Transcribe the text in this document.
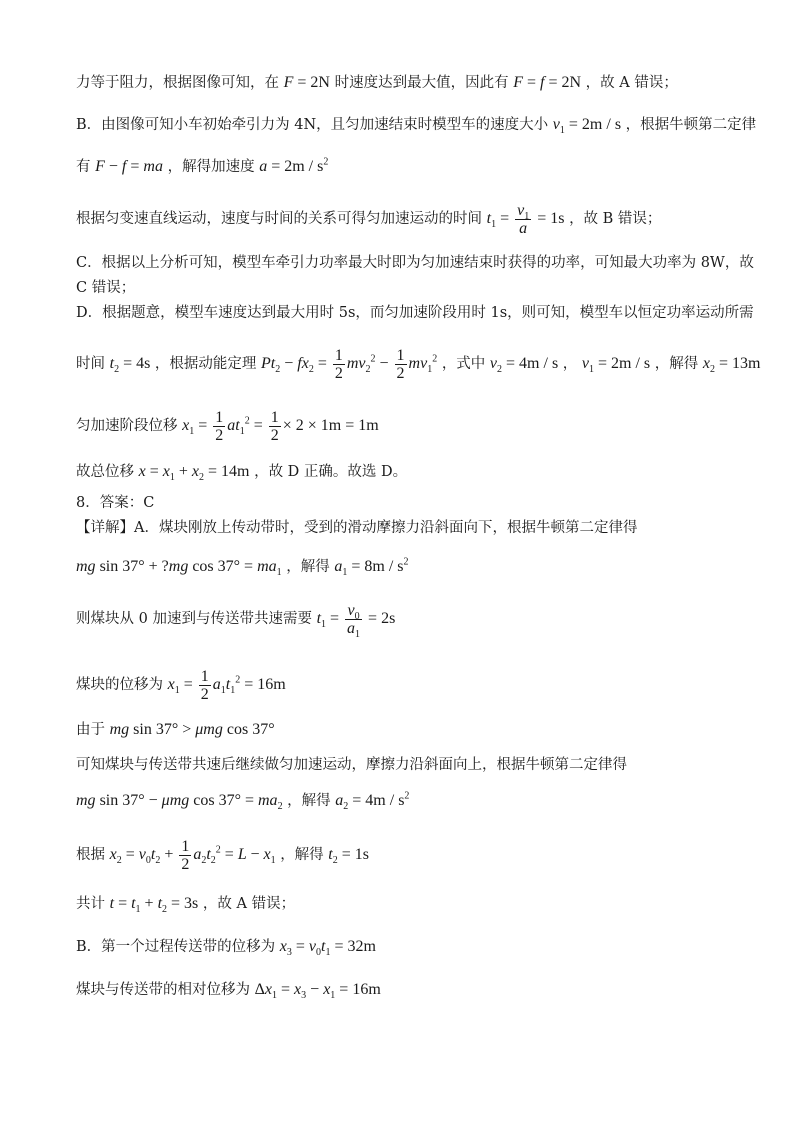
力等于阻力，根据图像可知，在 F = 2N 时速度达到最大值，因此有 F = f = 2N ，故 A 错误；
B．由图像可知小车初始牵引力为 4N，且匀加速结束时模型车的速度大小 $v_1 = 2m / s$ ，根据牛顿第二定律
有 F − f = ma ，解得加速度 $a = 2m / s^2$
根据匀变速直线运动，速度与时间的关系可得匀加速运动的时间 $t_1 = \frac{v_1}{a} = 1s$ ，故 B 错误；
C．根据以上分析可知，模型车牵引力功率最大时即为匀加速结束时获得的功率，可知最大功率为 8W，故
C 错误；
D．根据题意，模型车速度达到最大用时 5s，而匀加速阶段用时 1s，则可知，模型车以恒定功率运动所需
时间 $t_2 = 4s$ ，根据动能定理 $Pt_2 - fx_2 = \frac{1}{2} mv_2^2 - \frac{1}{2} mv_1^2$ ，式中 $v_2 = 4m / s$ ， $v_1 = 2m / s$ ，解得 $x_2 = 13m$
匀加速阶段位移 $x_1 = \frac{1}{2} at_1^2 = \frac{1}{2} \times 2 \times 1m = 1m$
故总位移 $x = x_1 + x_2 = 14m$ ，故 D 正确。故选 D。
8．答案：C
【详解】A．煤块刚放上传动带时，受到的滑动摩擦力沿斜面向下，根据牛顿第二定律得
mg sin 37° + ?mg $\cos 37^\circ = ma_1$ ，解得 $a_1 = 8m / s^2$
则煤块从 0 加速到与传送带共速需要 $t_1 = \frac{v_0}{a_1} = 2s$
煤块的位移为 $x_1 = \frac{1}{2} a_1t_1^2 = 16m$
由于 mg sin 37° > μmg cos 37°
可知煤块与传送带共速后继续做匀加速运动，摩擦力沿斜面向上，根据牛顿第二定律得
mg sin 37° − μmg $\cos 37^\circ = ma_2$ ，解得 $a_2 = 4m / s^2$
根据 $x_2 = v_0t_2 + \frac{1}{2} a_2t_2^2 = L - x_1$ ，解得 $t_2 = 1s$
共计 $t = t_1 + t_2 = 3s$ ，故 A 错误；
B．第一个过程传送带的位移为 $x_3 = v_0t_1 = 32m$
煤块与传送带的相对位移为 $\Delta x_1 = x_3 - x_1 = 16m$
